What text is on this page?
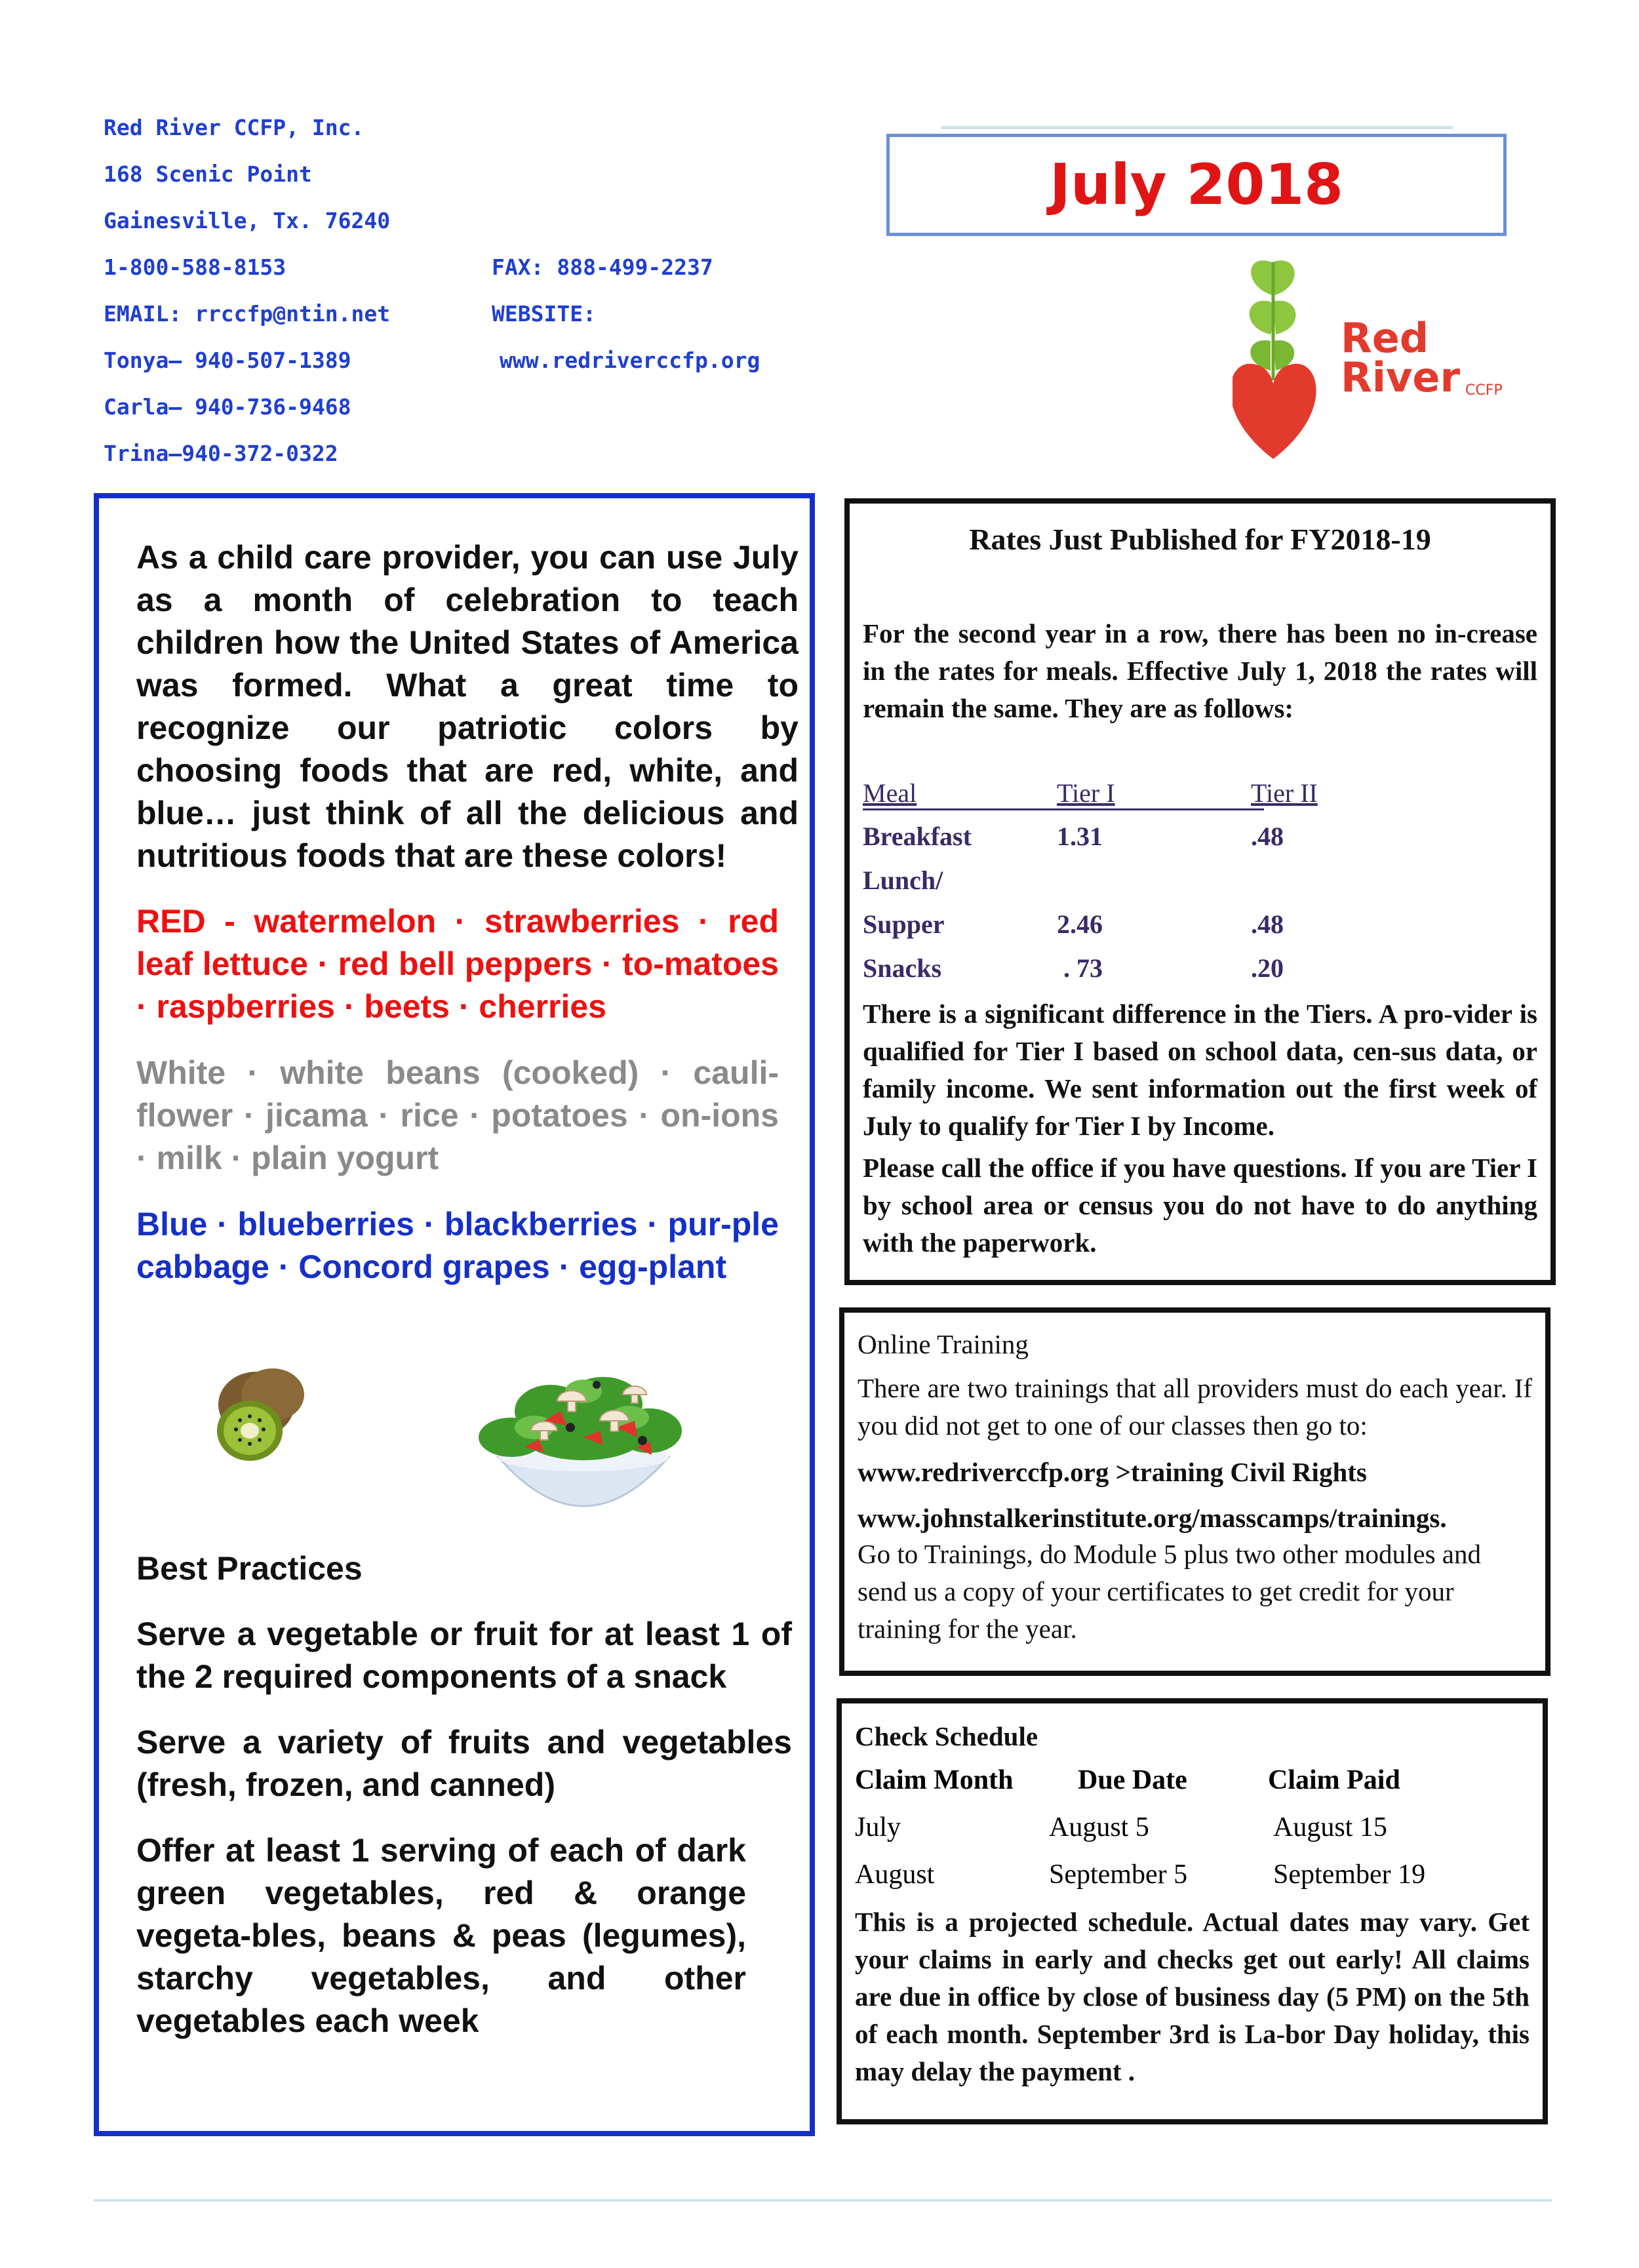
Red River CCFP, Inc.
168 Scenic Point
Gainesville, Tx. 76240
1-800-588-8153	FAX: 888-499-2237
EMAIL: rrccfp@ntin.net	WEBSITE:
Tonya– 940-507-1389	www.redriverccfp.org
Carla– 940-736-9468
Trina—940-372-0322
July 2018
Red
River CCFP
As a child care provider, you can use July as a month of celebration to teach children how the United States of America was formed. What a great time to recognize our patriotic colors by choosing foods that are red, white, and blue… just think of all the delicious and nutritious foods that are these colors!
RED - watermelon · strawberries · red leaf lettuce · red bell peppers · to-matoes · raspberries · beets · cherries
White · white beans (cooked) · cauli-flower · jicama · rice · potatoes · on-ions · milk · plain yogurt
Blue · blueberries · blackberries · pur-ple cabbage · Concord grapes · egg-plant
Best Practices
Serve a vegetable or fruit for at least 1 of the 2 required components of a snack
Serve a variety of fruits and vegetables (fresh, frozen, and canned)
Offer at least 1 serving of each of dark green vegetables, red & orange vegeta-bles, beans & peas (legumes), starchy vegetables, and other vegetables each week
Rates Just Published for FY2018-19
For the second year in a row, there has been no in-crease in the rates for meals. Effective July 1, 2018 the rates will remain the same. They are as follows:
Meal	Tier I	Tier II
Breakfast	1.31	.48
Lunch/
Supper	2.46	.48
Snacks	. 73	.20
There is a significant difference in the Tiers. A pro-vider is qualified for Tier I based on school data, cen-sus data, or family income. We sent information out the first week of July to qualify for Tier I by Income.
Please call the office if you have questions. If you are Tier I by school area or census you do not have to do anything with the paperwork.
Online Training
There are two trainings that all providers must do each year. If you did not get to one of our classes then go to:
www.redriverccfp.org >training Civil Rights
www.johnstalkerinstitute.org/masscamps/trainings.
Go to Trainings, do Module 5 plus two other modules and send us a copy of your certificates to get credit for your training for the year.
Check Schedule
Claim Month Due Date	Claim Paid
July	August 5	August 15
August	September 5	September 19
This is a projected schedule. Actual dates may vary. Get your claims in early and checks get out early! All claims are due in office by close of business day (5 PM) on the 5th of each month. September 3rd is La-bor Day holiday, this may delay the payment .
